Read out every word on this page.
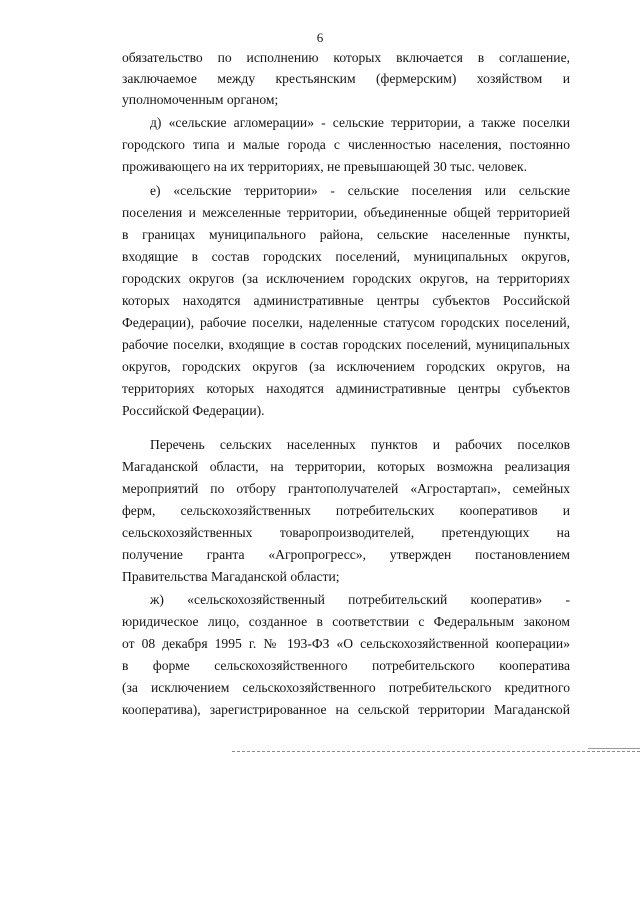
6
обязательство по исполнению которых включается в соглашение,
заключаемое между крестьянским (фермерским) хозяйством и
уполномоченным органом;
д) «сельские агломерации» - сельские территории, а также поселки
городского типа и малые города с численностью населения, постоянно
проживающего на их территориях, не превышающей 30 тыс. человек.
е) «сельские территории» - сельские поселения или сельские
поселения и межселенные территории, объединенные общей территорией
в границах муниципального района, сельские населенные пункты,
входящие в состав городских поселений, муниципальных округов,
городских округов (за исключением городских округов, на территориях
которых находятся административные центры субъектов Российской
Федерации), рабочие поселки, наделенные статусом городских поселений,
рабочие поселки, входящие в состав городских поселений, муниципальных
округов, городских округов (за исключением городских округов, на
территориях которых находятся административные центры субъектов
Российской Федерации).
Перечень сельских населенных пунктов и рабочих поселков
Магаданской области, на территории, которых возможна реализация
мероприятий по отбору грантополучателей «Агростартап», семейных
ферм, сельскохозяйственных потребительских кооперативов и
сельскохозяйственных товаропроизводителей, претендующих на
получение гранта «Агропрогресс», утвержден постановлением
Правительства Магаданской области;
ж) «сельскохозяйственный потребительский кооператив» -
юридическое лицо, созданное в соответствии с Федеральным законом
от 08 декабря 1995 г. № 193-ФЗ «О сельскохозяйственной кооперации»
в форме сельскохозяйственного потребительского кооператива
(за исключением сельскохозяйственного потребительского кредитного
кооператива), зарегистрированное на сельской территории Магаданской
